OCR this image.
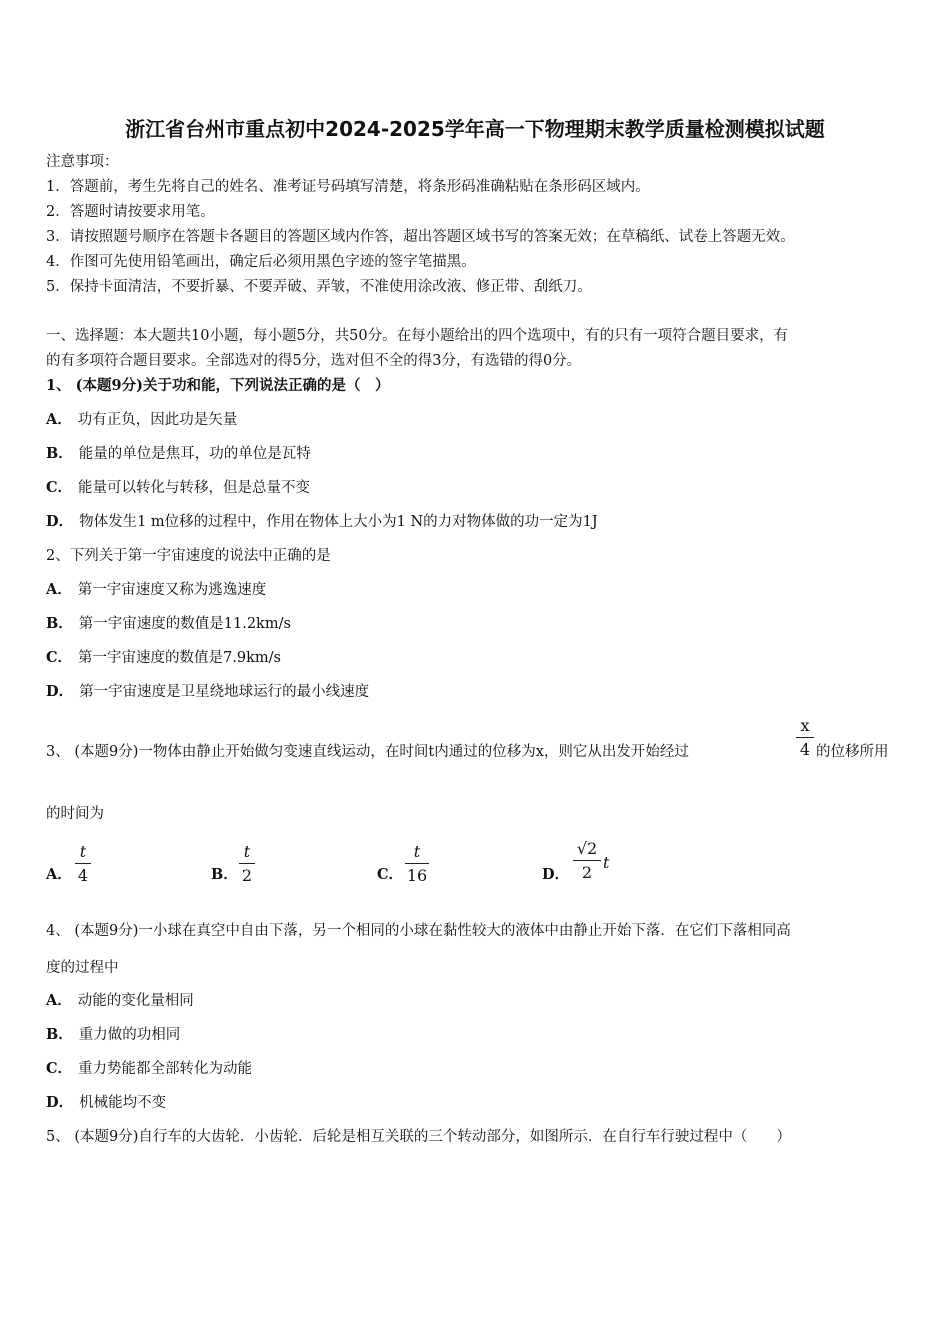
浙江省台州市重点初中2024-2025学年高一下物理期末教学质量检测模拟试题
注意事项：
1．答题前，考生先将自己的姓名、准考证号码填写清楚，将条形码准确粘贴在条形码区域内。
2．答题时请按要求用笔。
3．请按照题号顺序在答题卡各题目的答题区域内作答，超出答题区域书写的答案无效；在草稿纸、试卷上答题无效。
4．作图可先使用铅笔画出，确定后必须用黑色字迹的签字笔描黑。
5．保持卡面清洁，不要折暴、不要弄破、弄皱，不准使用涂改液、修正带、刮纸刀。
一、选择题：本大题共10小题，每小题5分，共50分。在每小题给出的四个选项中，有的只有一项符合题目要求，有
的有多项符合题目要求。全部选对的得5分，选对但不全的得3分，有选错的得0分。
1、 (本题9分)关于功和能，下列说法正确的是（　）
A． 功有正负，因此功是矢量
B． 能量的单位是焦耳，功的单位是瓦特
C． 能量可以转化与转移，但是总量不变
D． 物体发生1 m位移的过程中，作用在物体上大小为1 N的力对物体做的功一定为1J
2、下列关于第一宇宙速度的说法中正确的是
A． 第一宇宙速度又称为逃逸速度
B． 第一宇宙速度的数值是11.2km/s
C． 第一宇宙速度的数值是7.9km/s
D． 第一宇宙速度是卫星绕地球运行的最小线速度
3、 (本题9分)一物体由静止开始做匀变速直线运动，在时间t内通过的位移为x，则它从出发开始经过
x
4 的位移所用
的时间为
A．
t
4	B．
t
2	C．
t
16	D．
√2
2
t
4、 (本题9分)一小球在真空中自由下落，另一个相同的小球在黏性较大的液体中由静止开始下落．在它们下落相同高
度的过程中
A． 动能的变化量相同
B． 重力做的功相同
C． 重力势能都全部转化为动能
D． 机械能均不变
5、 (本题9分)自行车的大齿轮．小齿轮．后轮是相互关联的三个转动部分，如图所示．在自行车行驶过程中（　　）
